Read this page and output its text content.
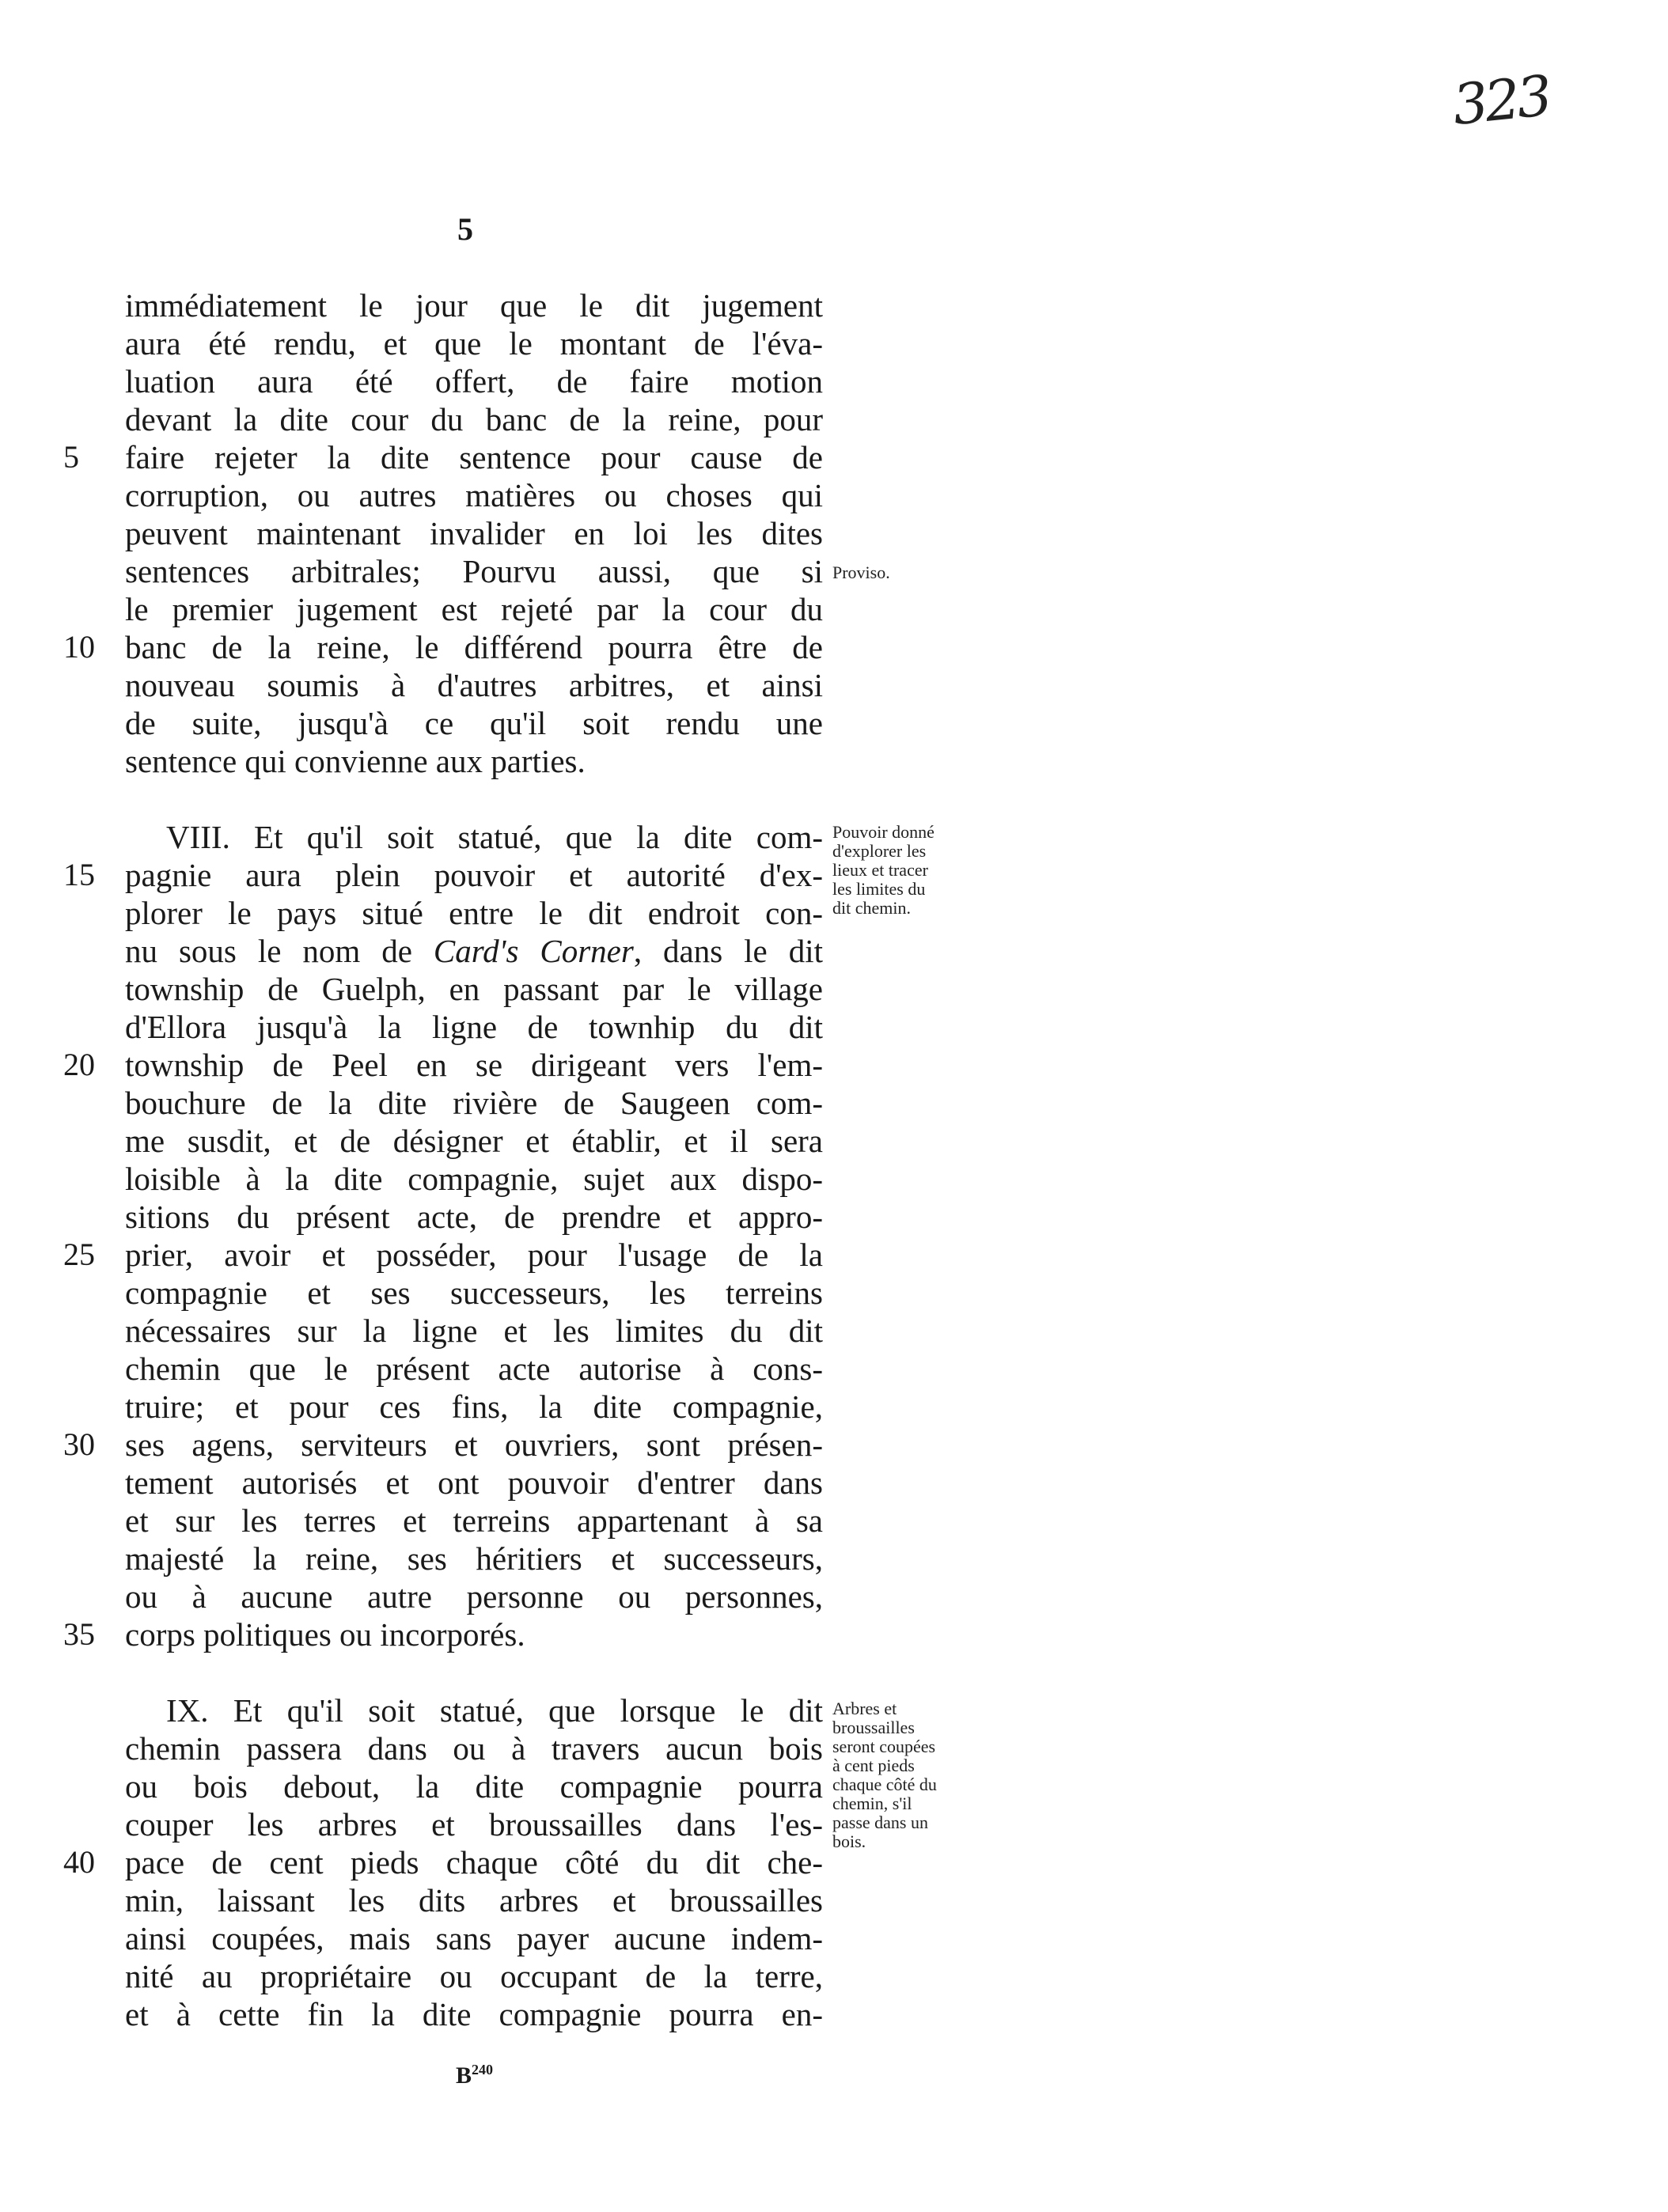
323
5
immédiatement le jour que le dit jugement
aura été rendu, et que le montant de l'éva-
luation aura été offert, de faire motion
devant la dite cour du banc de la reine, pour
faire rejeter la dite sentence pour cause de
corruption, ou autres matières ou choses qui
peuvent maintenant invalider en loi les dites
sentences arbitrales; Pourvu aussi, que si
le premier jugement est rejeté par la cour du
banc de la reine, le différend pourra être de
nouveau soumis à d'autres arbitres, et ainsi
de suite, jusqu'à ce qu'il soit rendu une
sentence qui convienne aux parties.
VIII. Et qu'il soit statué, que la dite com-
pagnie aura plein pouvoir et autorité d'ex-
plorer le pays situé entre le dit endroit con-
nu sous le nom de Card's Corner, dans le dit
township de Guelph, en passant par le village
d'Ellora jusqu'à la ligne de townhip du dit
township de Peel en se dirigeant vers l'em-
bouchure de la dite rivière de Saugeen com-
me susdit, et de désigner et établir, et il sera
loisible à la dite compagnie, sujet aux dispo-
sitions du présent acte, de prendre et appro-
prier, avoir et posséder, pour l'usage de la
compagnie et ses successeurs, les terreins
nécessaires sur la ligne et les limites du dit
chemin que le présent acte autorise à cons-
truire; et pour ces fins, la dite compagnie,
ses agens, serviteurs et ouvriers, sont présen-
tement autorisés et ont pouvoir d'entrer dans
et sur les terres et terreins appartenant à sa
majesté la reine, ses héritiers et successeurs,
ou à aucune autre personne ou personnes,
corps politiques ou incorporés.
IX. Et qu'il soit statué, que lorsque le dit
chemin passera dans ou à travers aucun bois
ou bois debout, la dite compagnie pourra
couper les arbres et broussailles dans l'es-
pace de cent pieds chaque côté du dit che-
min, laissant les dits arbres et broussailles
ainsi coupées, mais sans payer aucune indem-
nité au propriétaire ou occupant de la terre,
et à cette fin la dite compagnie pourra en-
5
10
15
20
25
30
35
40
Proviso.
Pouvoir donné
d'explorer les
lieux et tracer
les limites du
dit chemin.
Arbres et
broussailles
seront coupées
à cent pieds
chaque côté du
chemin, s'il
passe dans un
bois.
$B^{240}$
